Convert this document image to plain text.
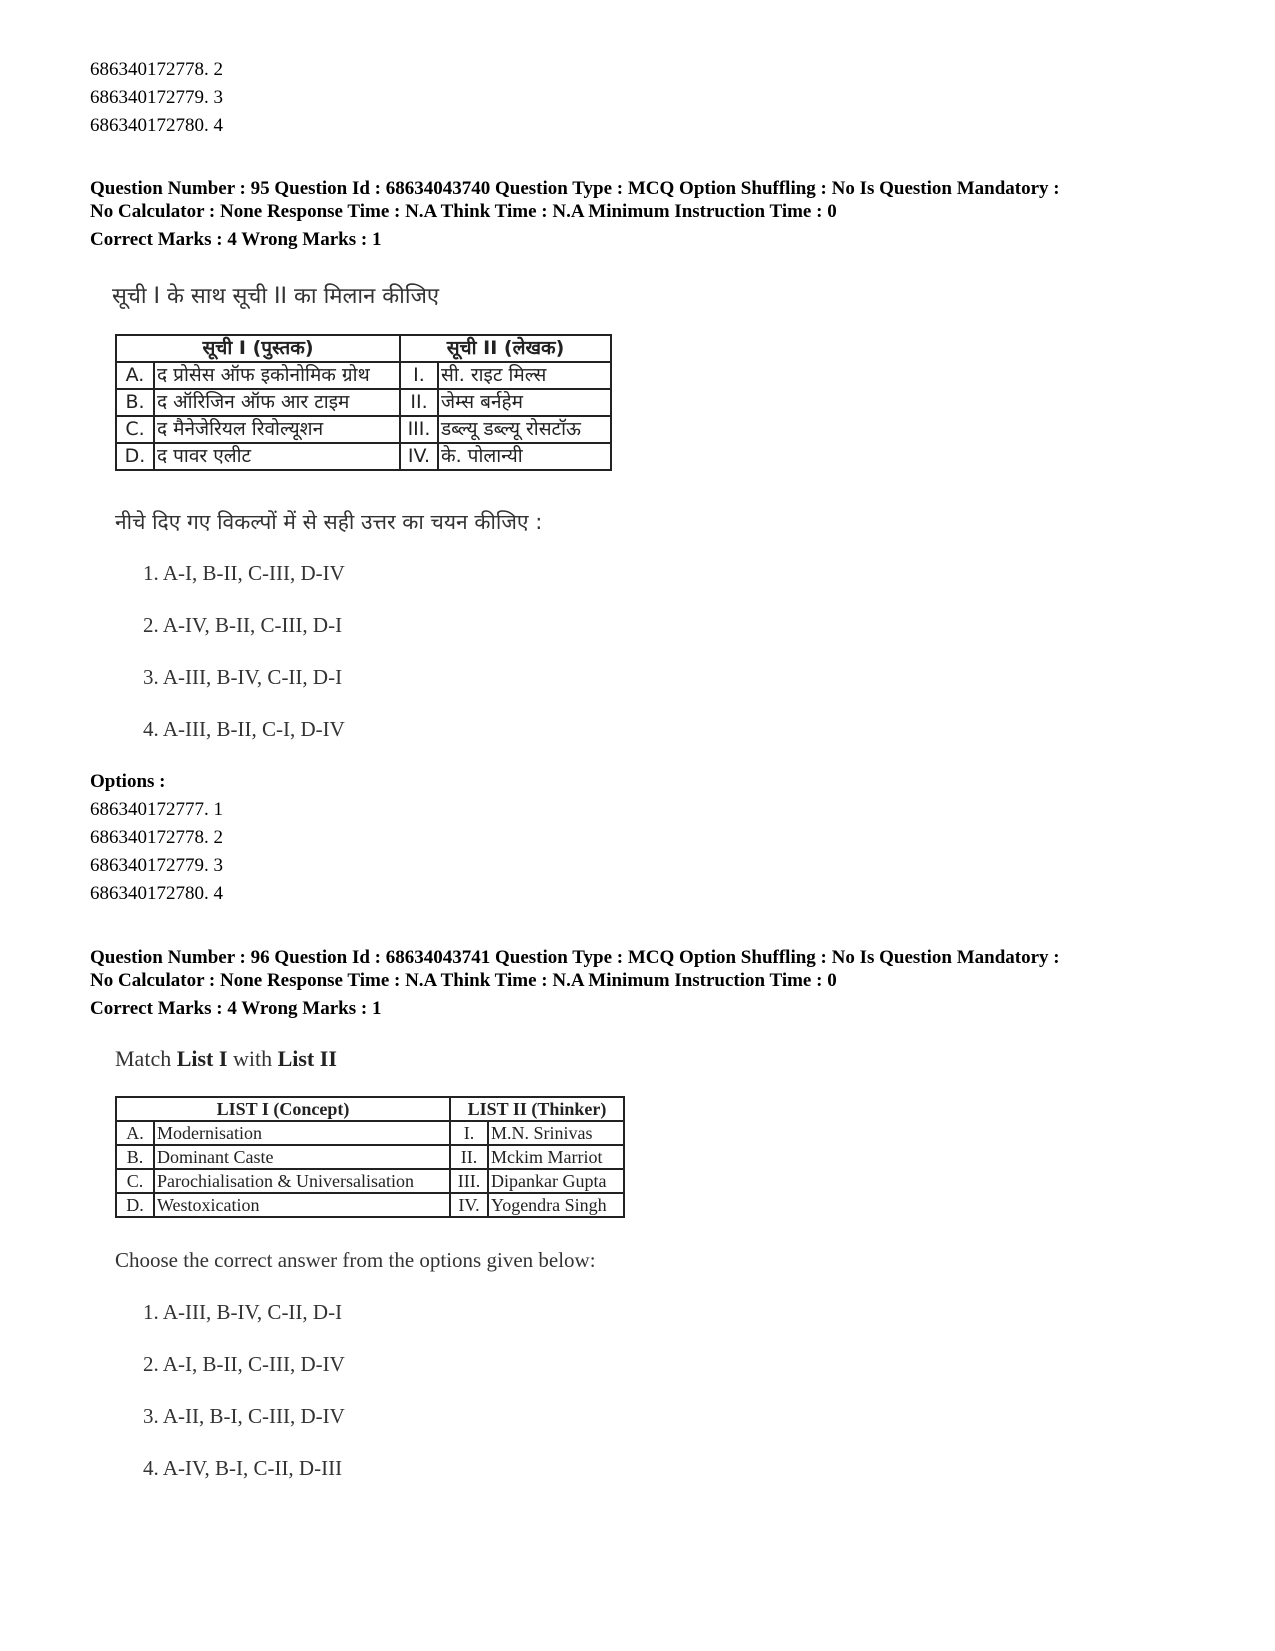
686340172778. 2
686340172779. 3
686340172780. 4
Question Number : 95 Question Id : 68634043740 Question Type : MCQ Option Shuffling : No Is Question Mandatory :
No Calculator : None Response Time : N.A Think Time : N.A Minimum Instruction Time : 0
Correct Marks : 4 Wrong Marks : 1
सूची I के साथ सूची II का मिलान कीजिए
सूची I (पुस्तक)		सूची II (लेखक)	
A.	द प्रोसेस ऑफ इकोनोमिक ग्रोथ	I.	सी. राइट मिल्स
B.	द ऑरिजिन ऑफ आर टाइम	II.	जेम्स बर्नहेम
C.	द मैनेजेरियल रिवोल्यूशन	III.	डब्ल्यू डब्ल्यू रोसटॉऊ
D.	द पावर एलीट	IV.	के. पोलान्यी
नीचे दिए गए विकल्पों में से सही उत्तर का चयन कीजिए :
1. A-I, B-II, C-III, D-IV
2. A-IV, B-II, C-III, D-I
3. A-III, B-IV, C-II, D-I
4. A-III, B-II, C-I, D-IV
Options :
686340172777. 1
686340172778. 2
686340172779. 3
686340172780. 4
Question Number : 96 Question Id : 68634043741 Question Type : MCQ Option Shuffling : No Is Question Mandatory :
No Calculator : None Response Time : N.A Think Time : N.A Minimum Instruction Time : 0
Correct Marks : 4 Wrong Marks : 1
Match List I with List II
LIST I (Concept)		LIST II (Thinker)	
A.	Modernisation	I.	M.N. Srinivas
B.	Dominant Caste	II.	Mckim Marriot
C.	Parochialisation & Universalisation	III.	Dipankar Gupta
D.	Westoxication	IV.	Yogendra Singh
Choose the correct answer from the options given below:
1. A-III, B-IV, C-II, D-I
2. A-I, B-II, C-III, D-IV
3. A-II, B-I, C-III, D-IV
4. A-IV, B-I, C-II, D-III
